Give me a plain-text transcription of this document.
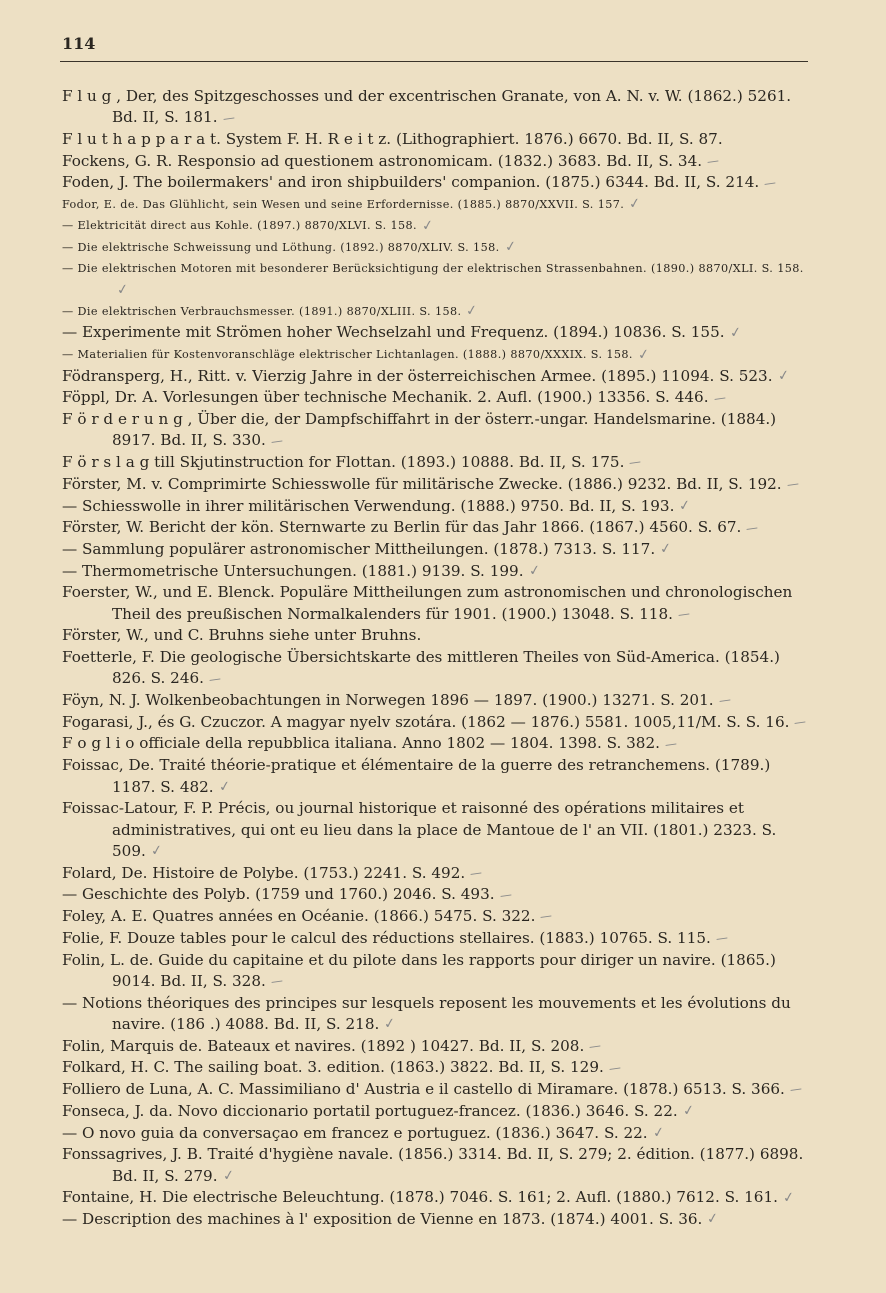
114

F l u g , Der, des Spitzgeschosses und der excentrischen Granate, von A. N. v. W. (1862.) 5261. Bd. II, S. 181. —

F l u t h a p p a r a t. System F. H. R e i t z. (Lithographiert. 1876.) 6670. Bd. II, S. 87.

Fockens, G. R. Responsio ad questionem astronomicam. (1832.) 3683. Bd. II, S. 34. —

Foden, J. The boilermakers' and iron shipbuilders' companion. (1875.) 6344. Bd. II, S. 214. —

Fodor, E. de. Das Glühlicht, sein Wesen und seine Erfordernisse. (1885.) 8870/XXVII. S. 157. ✓

— Elektricität direct aus Kohle. (1897.) 8870/XLVI. S. 158. ✓

— Die elektrische Schweissung und Löthung. (1892.) 8870/XLIV. S. 158. ✓

— Die elektrischen Motoren mit besonderer Berücksichtigung der elektrischen Strassenbahnen. (1890.) 8870/XLI. S. 158.✓

— Die elektrischen Verbrauchsmesser. (1891.) 8870/XLIII. S. 158. ✓

— Experimente mit Strömen hoher Wechselzahl und Frequenz. (1894.) 10836. S. 155. ✓

— Materialien für Kostenvoranschläge elektrischer Lichtanlagen. (1888.) 8870/XXXIX. S. 158. ✓

Födransperg, H., Ritt. v. Vierzig Jahre in der österreichischen Armee. (1895.) 11094. S. 523. ✓

Föppl, Dr. A. Vorlesungen über technische Mechanik. 2. Aufl. (1900.) 13356. S. 446. —

F ö r d e r u n g , Über die, der Dampfschiffahrt in der österr.-ungar. Handelsmarine. (1884.) 8917. Bd. II, S. 330. —

F ö r s l a g till Skjutinstruction for Flottan. (1893.) 10888. Bd. II, S. 175. —

Förster, M. v. Comprimirte Schiesswolle für militärische Zwecke. (1886.) 9232. Bd. II, S. 192. —

— Schiesswolle in ihrer militärischen Verwendung. (1888.) 9750. Bd. II, S. 193. ✓

Förster, W. Bericht der kön. Sternwarte zu Berlin für das Jahr 1866. (1867.) 4560. S. 67. —

— Sammlung populärer astronomischer Mittheilungen. (1878.) 7313. S. 117. ✓

— Thermometrische Untersuchungen. (1881.) 9139. S. 199. ✓

Foerster, W., und E. Blenck. Populäre Mittheilungen zum astronomischen und chronologischen Theil des preußischen Normalkalenders für 1901. (1900.) 13048. S. 118. —

Förster, W., und C. Bruhns siehe unter Bruhns.

Foetterle, F. Die geologische Übersichtskarte des mittleren Theiles von Süd-America. (1854.) 826. S. 246. —

Föyn, N. J. Wolkenbeobachtungen in Norwegen 1896 — 1897. (1900.) 13271. S. 201. —

Fogarasi, J., és G. Czuczor. A magyar nyelv szotára. (1862 — 1876.) 5581. 1005,11/M. S. S. 16. —

F o g l i o officiale della repubblica italiana. Anno 1802 — 1804. 1398. S. 382. —

Foissac, De. Traité théorie-pratique et élémentaire de la guerre des retranchemens. (1789.) 1187. S. 482. ✓

Foissac-Latour, F. P. Précis, ou journal historique et raisonné des opérations militaires et administratives, qui ont eu lieu dans la place de Mantoue de l' an VII. (1801.) 2323. S. 509. ✓

Folard, De. Histoire de Polybe. (1753.) 2241. S. 492. —

— Geschichte des Polyb. (1759 und 1760.) 2046. S. 493. —

Foley, A. E. Quatres années en Océanie. (1866.) 5475. S. 322. —

Folie, F. Douze tables pour le calcul des réductions stellaires. (1883.) 10765. S. 115. —

Folin, L. de. Guide du capitaine et du pilote dans les rapports pour diriger un navire. (1865.) 9014. Bd. II, S. 328. —

— Notions théoriques des principes sur lesquels reposent les mouvements et les évolutions du navire. (186 .) 4088. Bd. II, S. 218. ✓

Folin, Marquis de. Bateaux et navires. (1892 ) 10427. Bd. II, S. 208. —

Folkard, H. C. The sailing boat. 3. edition. (1863.) 3822. Bd. II, S. 129. —

Folliero de Luna, A. C. Massimiliano d' Austria e il castello di Miramare. (1878.) 6513. S. 366. —

Fonseca, J. da. Novo diccionario portatil portuguez-francez. (1836.) 3646. S. 22. ✓

— O novo guia da conversaçao em francez e portuguez. (1836.) 3647. S. 22. ✓

Fonssagrives, J. B. Traité d'hygiène navale. (1856.) 3314. Bd. II, S. 279; 2. édition. (1877.) 6898. Bd. II, S. 279. ✓

Fontaine, H. Die electrische Beleuchtung. (1878.) 7046. S. 161; 2. Aufl. (1880.) 7612. S. 161. ✓

— Description des machines à l' exposition de Vienne en 1873. (1874.) 4001. S. 36. ✓
